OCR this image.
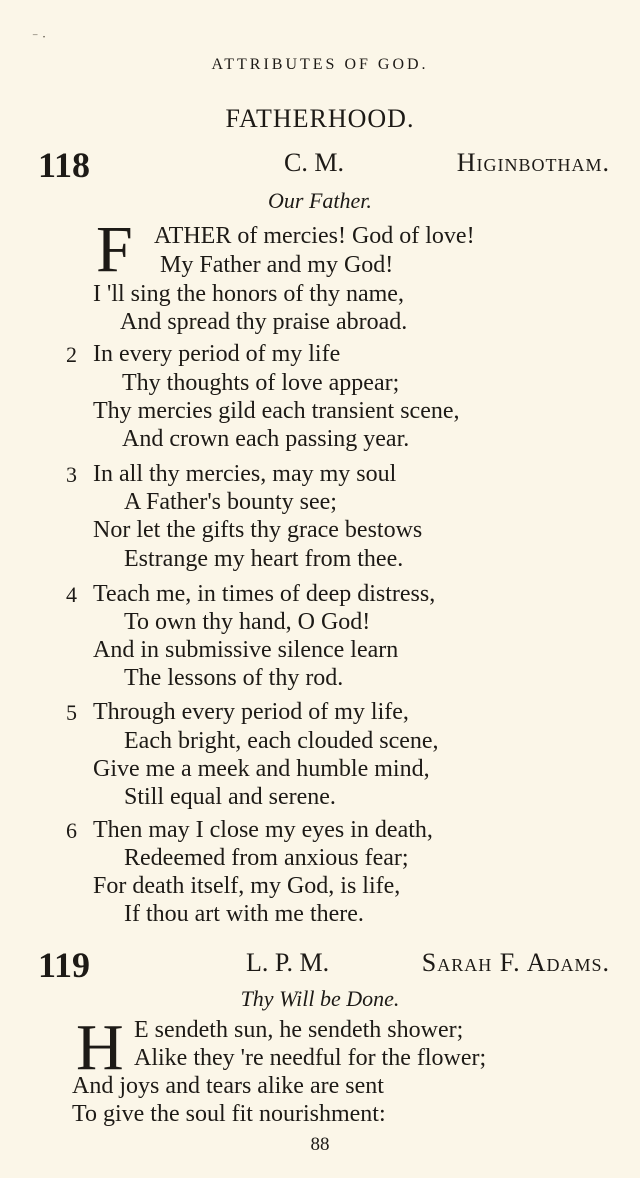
⁻ ·
ATTRIBUTES OF GOD.
FATHERHOOD.
118	C. M.	Higinbotham.
Our Father.
F ATHER of mercies! God of love!
My Father and my God!
I 'll sing the honors of thy name,
And spread thy praise abroad.
2 In every period of my life
Thy thoughts of love appear;
Thy mercies gild each transient scene,
And crown each passing year.
3 In all thy mercies, may my soul
A Father's bounty see;
Nor let the gifts thy grace bestows
Estrange my heart from thee.
4 Teach me, in times of deep distress,
To own thy hand, O God!
And in submissive silence learn
The lessons of thy rod.
5 Through every period of my life,
Each bright, each clouded scene,
Give me a meek and humble mind,
Still equal and serene.
6 Then may I close my eyes in death,
Redeemed from anxious fear;
For death itself, my God, is life,
If thou art with me there.
119	L. P. M.	Sarah F. Adams.
Thy Will be Done.
H E sendeth sun, he sendeth shower;
Alike they 're needful for the flower;
And joys and tears alike are sent
To give the soul fit nourishment:
88
